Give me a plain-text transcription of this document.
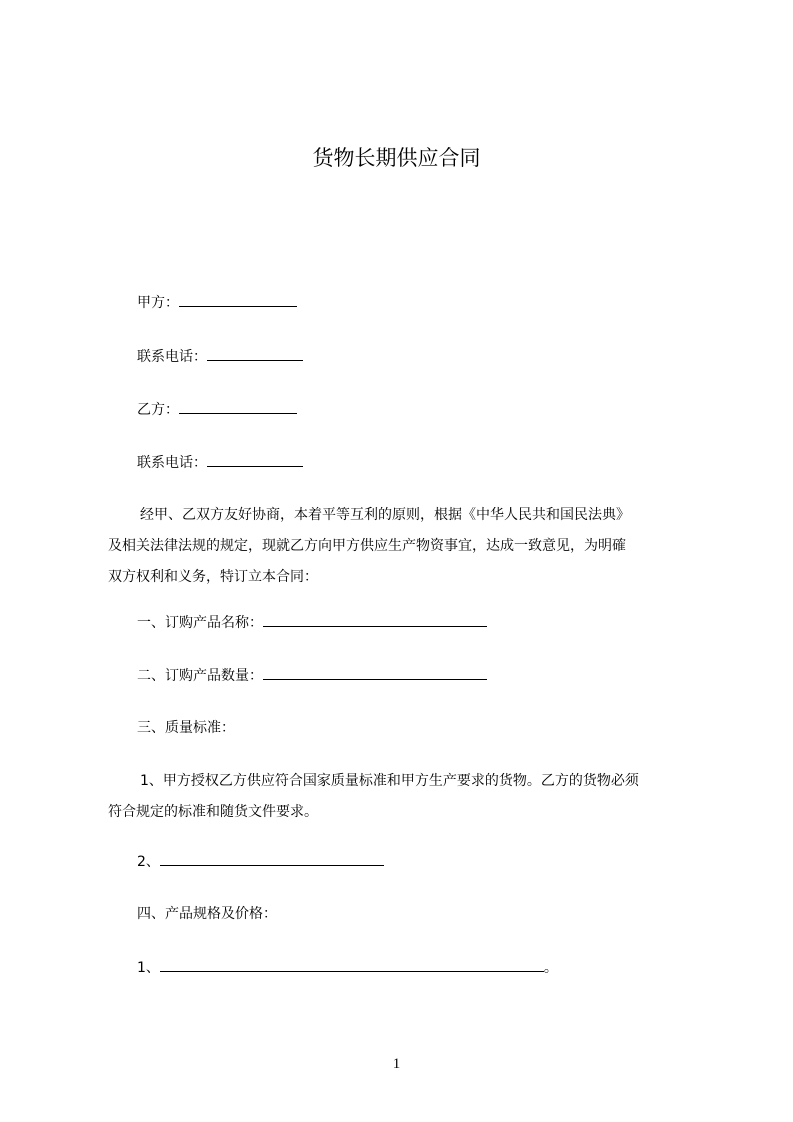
货物长期供应合同

甲方：

联系电话：

乙方：

联系电话：

经甲、乙双方友好协商，本着平等互利的原则，根据《中华人民共和国民法典》
及相关法律法规的规定，现就乙方向甲方供应生产物资事宜，达成一致意见，为明確
双方权利和义务，特订立本合同：

一、订购产品名称：

二、订购产品数量：

三、质量标准：

1、甲方授权乙方供应符合国家质量标准和甲方生产要求的货物。乙方的货物必须
符合规定的标准和随货文件要求。

2、

四、产品规格及价格：

1、	。

1
